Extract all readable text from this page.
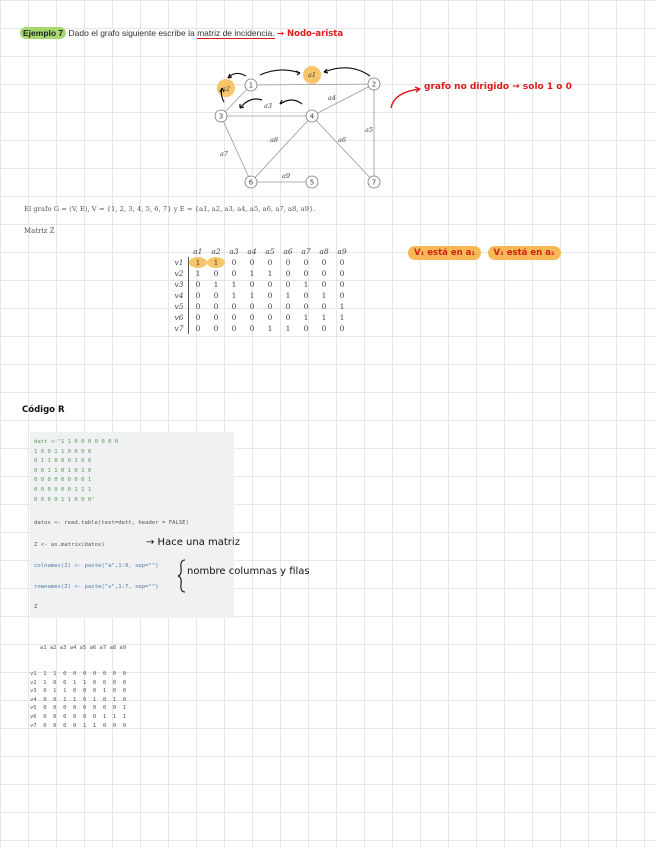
Ejemplo 7 Dado el grafo siguiente escribe la matriz de incidencia. → Nodo-arista
a1
a2
a3
a4
a5
a6
a7
a8
a9
1	2
3	4
5
6	7
grafo no dirigido → solo 1 o 0
El grafo G = (V, E), V = {1, 2, 3, 4, 5, 6, 7} y E = {a1, a2, a3, a4, a5, a6, a7, a8, a9}.
Matriz Z
	a1	a2	a3	a4	a5	a6	a7	a8	a9
v1	1	1	0	0	0	0	0	0	0
v2	1	0	0	1	1	0	0	0	0
v3	0	1	1	0	0	0	1	0	0
v4	0	0	1	1	0	1	0	1	0
v5	0	0	0	0	0	0	0	0	1
v6	0	0	0	0	0	0	1	1	1
v7	0	0	0	0	1	1	0	0	0
V₁ está en a₁ V₁ está en a₂
Código R
datt <-"1 1 0 0 0 0 0 0 0
1 0 0 1 1 0 0 0 0
0 1 1 0 0 0 1 0 0
0 0 1 1 0 1 0 1 0
0 0 0 0 0 0 0 0 1
0 0 0 0 0 0 1 1 1
0 0 0 0 1 1 0 0 0"
datos <- read.table(text=datt, header = FALSE)
Z <- as.matrix(datos)
colnames(Z) <- paste("a",1:9, sep="")
rownames(Z) <- paste("v",1:7, sep="")
Z
→ Hace una matriz
nombre columnas y filas

a1 a2 a3 a4 a5 a6 a7 a8 a9

v1  1  1  0  0  0  0  0  0  0
v2  1  0  0  1  1  0  0  0  0
v3  0  1  1  0  0  0  1  0  0
v4  0  0  1  1  0  1  0  1  0
v5  0  0  0  0  0  0  0  0  1
v6  0  0  0  0  0  0  1  1  1
v7  0  0  0  0  1  1  0  0  0
